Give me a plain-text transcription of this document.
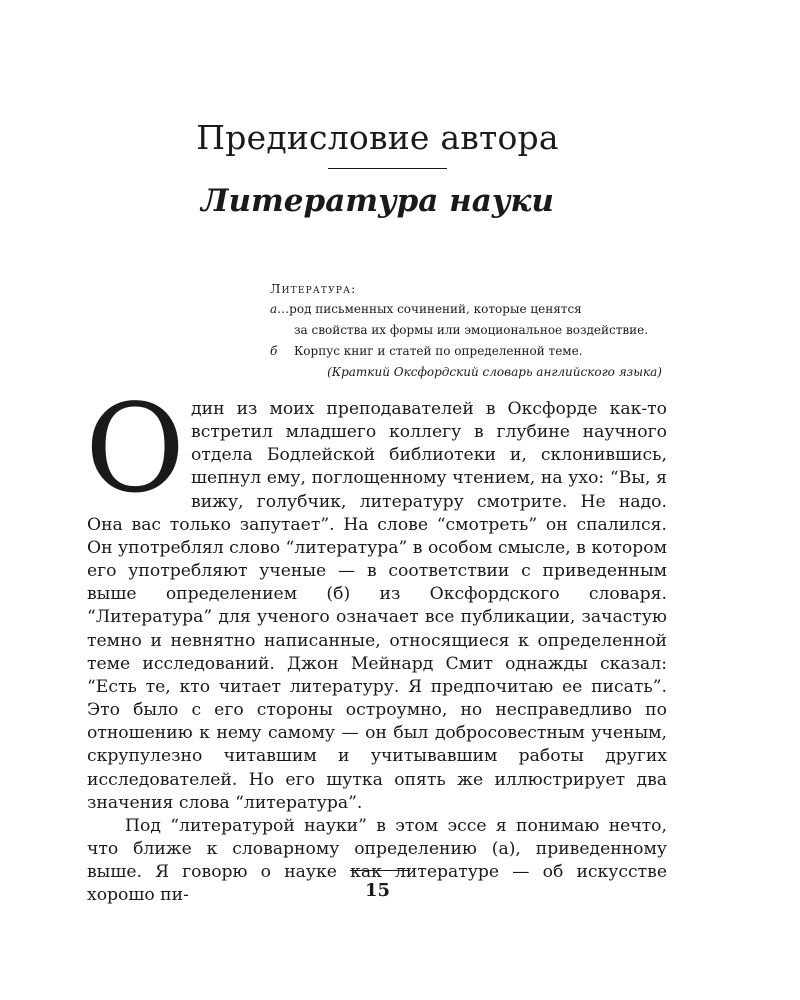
Предисловие автора
Литература науки
Литература:
а…род письменных сочинений, которые ценятся
за свойства их формы или эмоциональное воздействие.
б Корпус книг и статей по определенной теме.
(Краткий Оксфордский словарь английского языка)

Один из моих преподавателей в Оксфорде как-то встретил младшего коллегу в глубине научного отдела Бодлейской библиотеки и, склонившись, шепнул ему, поглощенному чтением, на ухо: “Вы, я вижу, голубчик, литературу смотрите. Не надо. Она вас только запутает”. На слове “смотреть” он спалился. Он употреблял слово “литература” в особом смысле, в котором его употребляют ученые — в соответствии с приведенным выше определением (б) из Оксфордского словаря. “Литература” для ученого означает все публикации, зачастую темно и невнятно написанные, относящиеся к определенной теме исследований. Джон Мейнард Смит однажды сказал: “Есть те, кто читает литературу. Я предпочитаю ее писать”. Это было с его стороны остроумно, но несправедливо по отношению к нему самому — он был добросовестным ученым, скрупулезно читавшим и учитывавшим работы других исследователей. Но его шутка опять же иллюстрирует два значения слова “литература”.

Под “литературой науки” в этом эссе я понимаю нечто, что ближе к словарному определению (а), приведенному выше. Я говорю о науке как литературе — об искусстве хорошо пи-	15
